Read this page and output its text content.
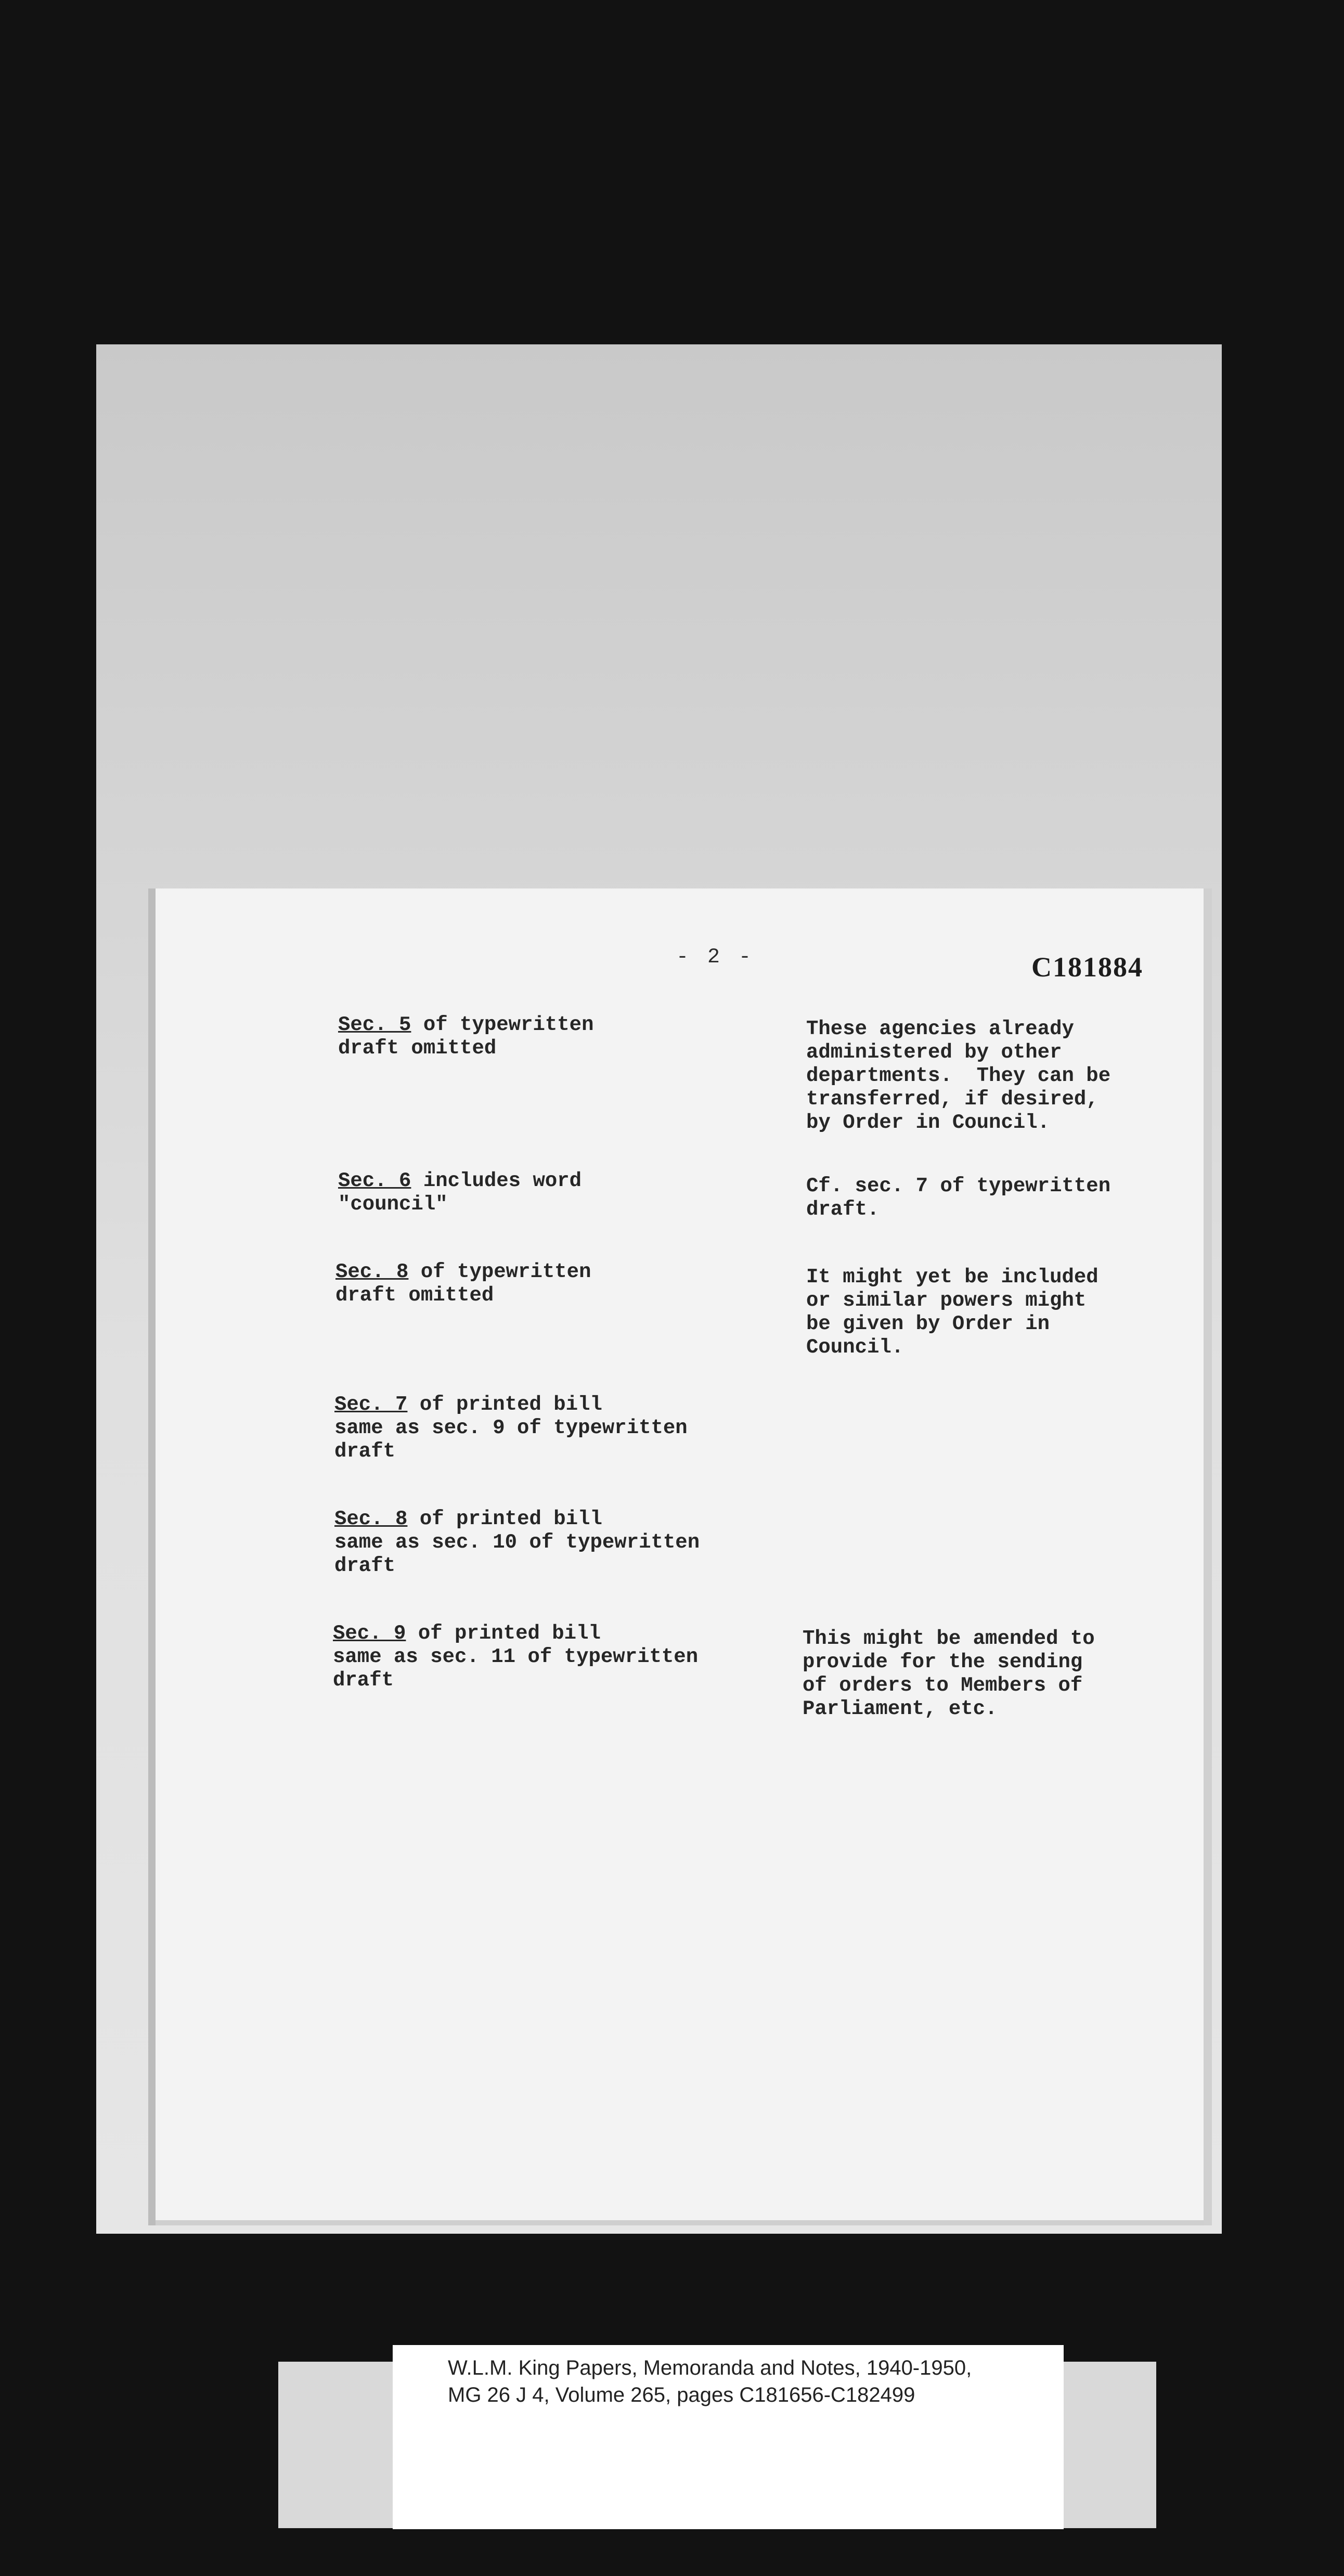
- 2 -	C181884
Sec. 5 of typewritten
draft omitted
These agencies already
administered by other
departments.  They can be
transferred, if desired,
by Order in Council.
Sec. 6 includes word
"council"
Cf. sec. 7 of typewritten
draft.
Sec. 8 of typewritten
draft omitted
It might yet be included
or similar powers might
be given by Order in
Council.
Sec. 7 of printed bill
same as sec. 9 of typewritten
draft
Sec. 8 of printed bill
same as sec. 10 of typewritten
draft
Sec. 9 of printed bill
same as sec. 11 of typewritten
draft
This might be amended to
provide for the sending
of orders to Members of
Parliament, etc.
W.L.M. King Papers, Memoranda and Notes, 1940-1950,
MG 26 J 4, Volume 265, pages C181656-C182499
